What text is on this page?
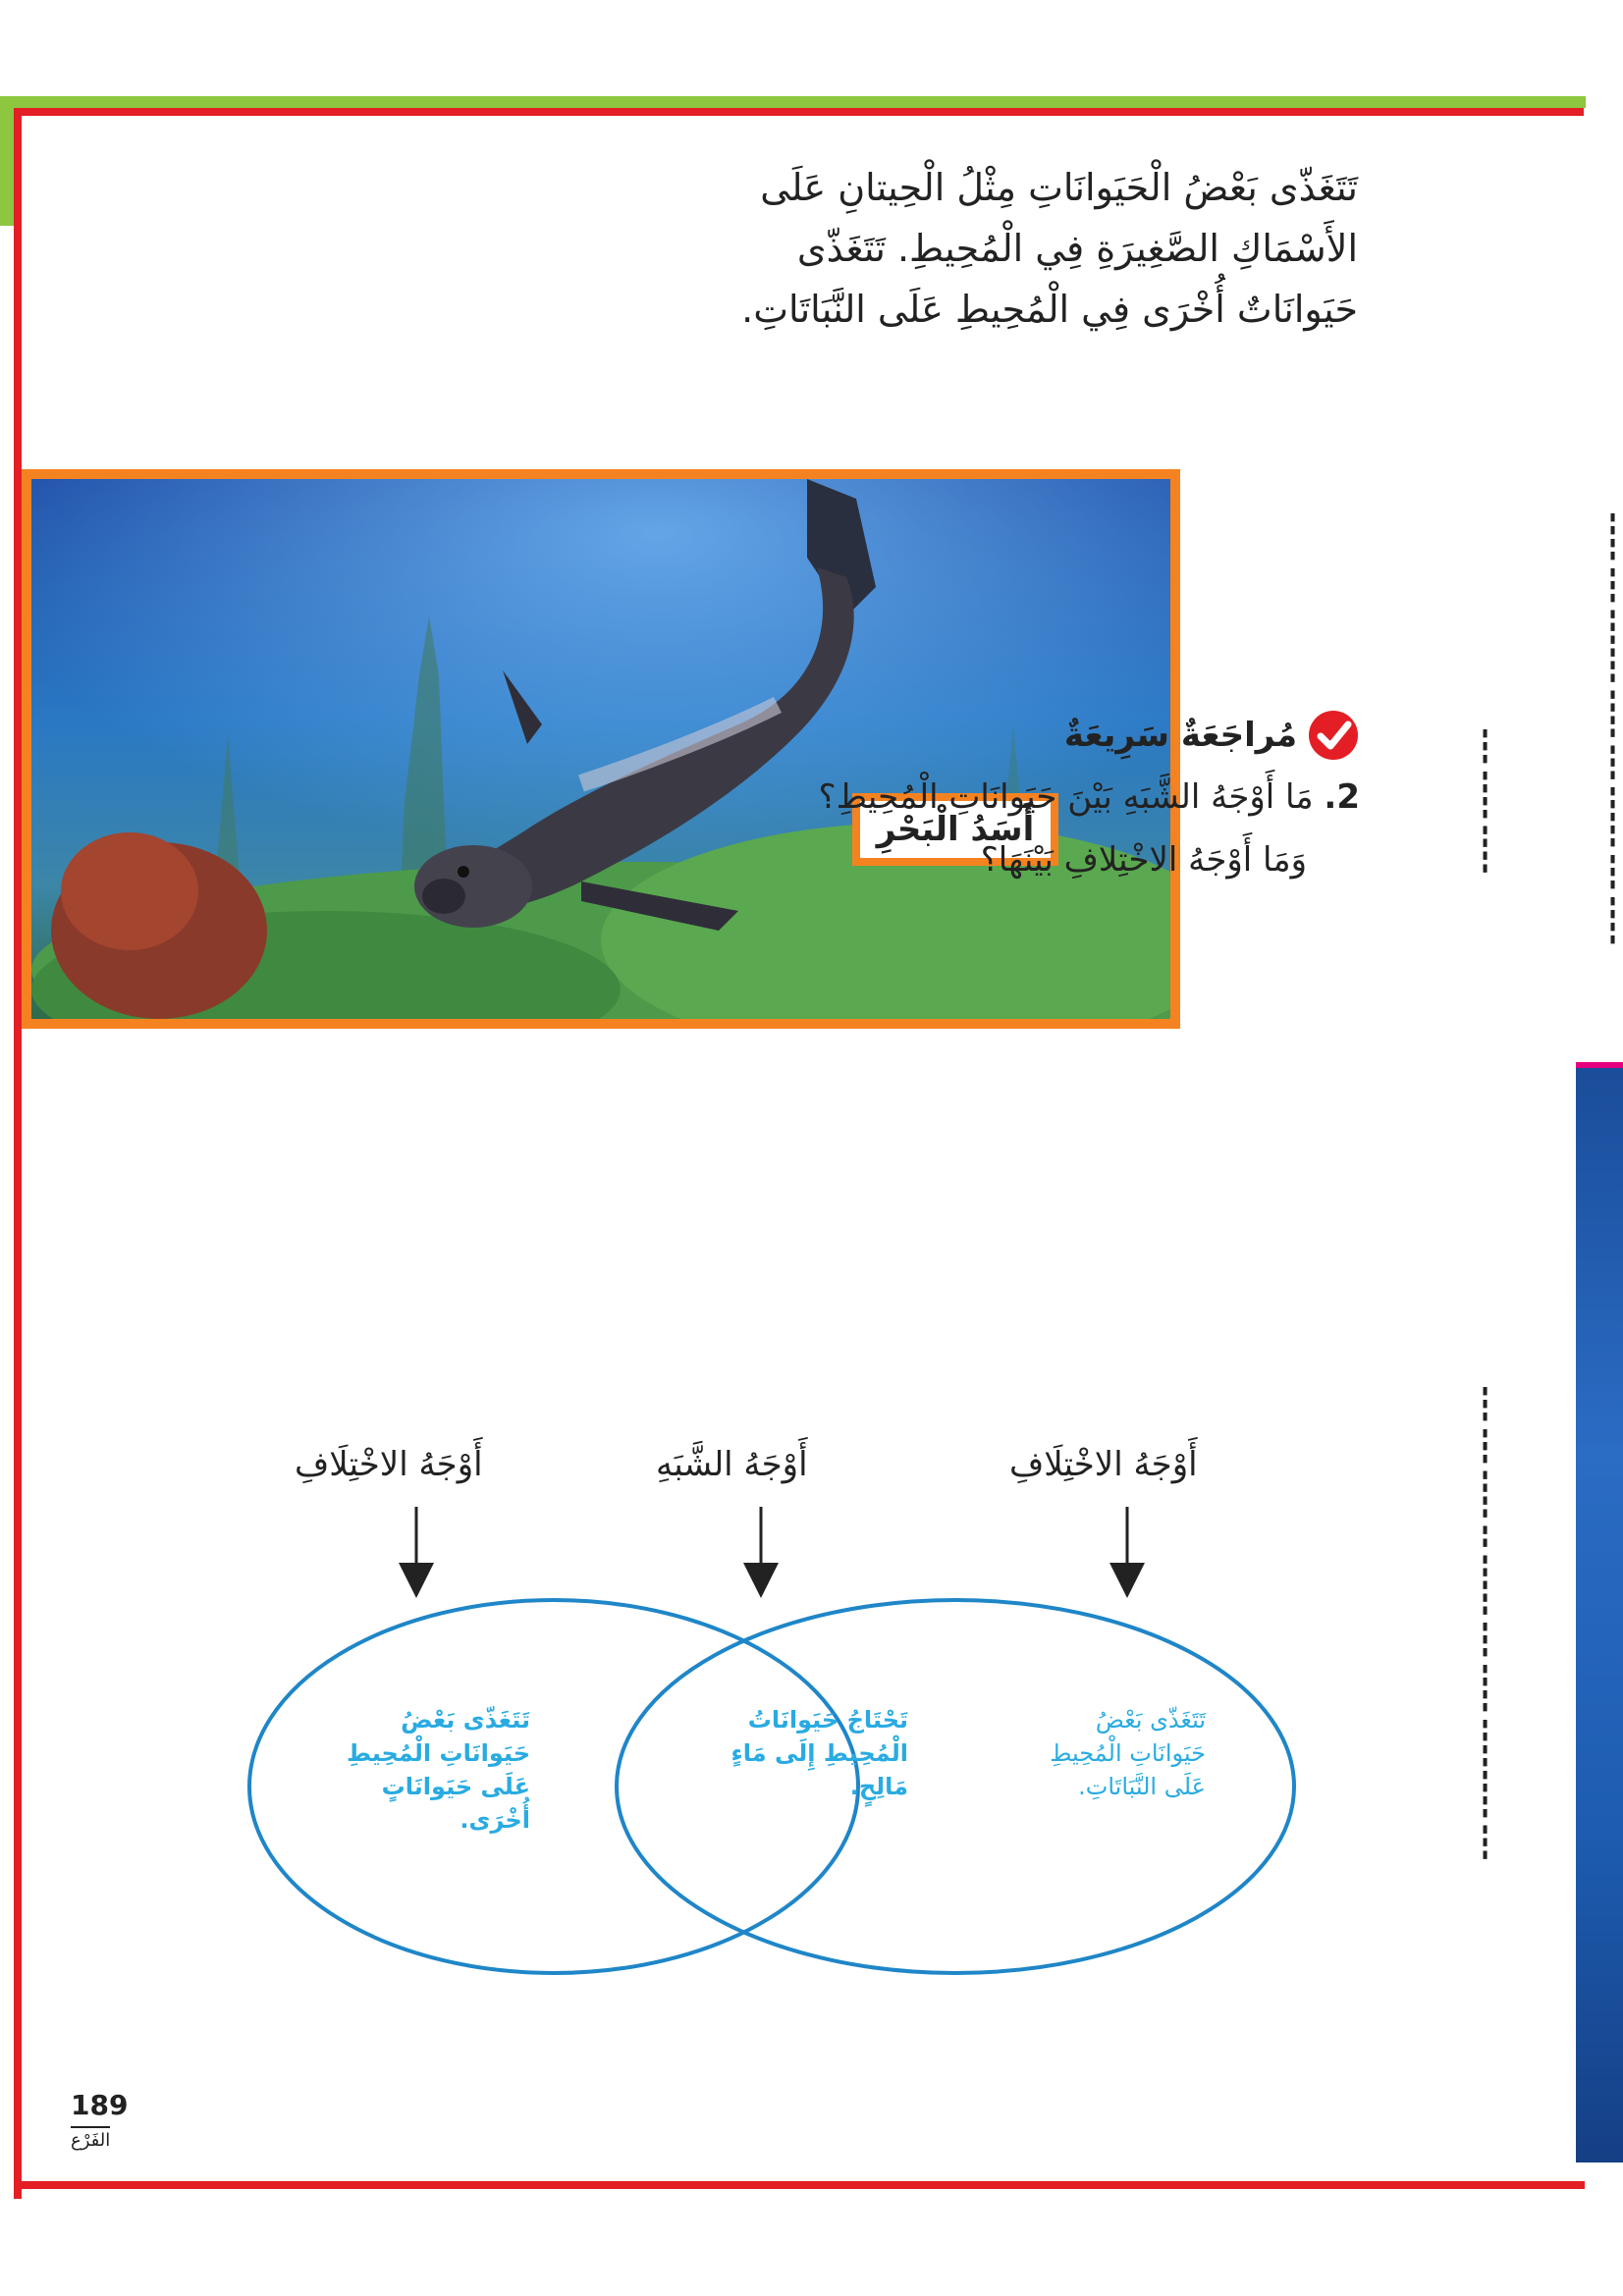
▮▮▮▮ ▮▮▮ ▮▮▮▮▮▮ ▮▮▮▮ ▮▮▮ ▮▮▮▮▮ ▮▮▮ ▮▮▮▮
▮▮▮ ▮▮▮▮ ▮▮▮▮
▮▮▮ ▮▮▮ ▮▮▮▮ ▮▮ ▮▮▮▮▮ ▮▮▮ ▮▮▮▮ ▮▮▮▮▮▮▮▮ ▮▮▮
تَتَغَذّى بَعْضُ الْحَيَوانَاتِ مِثْلُ الْحِيتانِ عَلَى
الأَسْمَاكِ الصَّغِيرَةِ فِي الْمُحِيطِ. تَتَغَذّى
حَيَوانَاتٌ أُخْرَى فِي الْمُحِيطِ عَلَى النَّبَاتَاتِ.
أَسَدُ الْبَحْرِ
مُراجَعَةٌ سَرِيعَةٌ
2. مَا أَوْجَهُ الشَّبَهِ بَيْنَ حَيَوانَاتِ الْمُحِيطِ؟
وَمَا أَوْجَهُ الاخْتِلافِ بَيْنَهَا؟
أَوْجَهُ الاخْتِلَافِ
أَوْجَهُ الشَّبَهِ
أَوْجَهُ الاخْتِلَافِ
تَتَغَذّى بَعْضُ
حَيَوانَاتِ الْمُحِيطِ
عَلَى النَّبَاتَاتِ.
تَحْتَاجُ حَيَوانَاتُ
الْمُحِيطِ إِلَى مَاءٍ
مَالِحٍ.
تَتَغَذّى بَعْضُ
حَيَوانَاتِ الْمُحِيطِ
عَلَى حَيَوانَاتٍ
أُخْرَى.
189
الفَرْع
